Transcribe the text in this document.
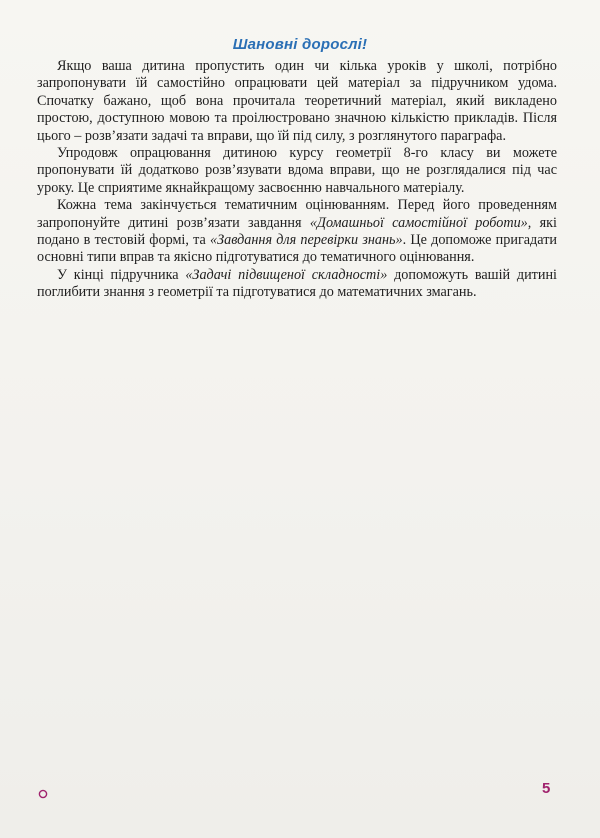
Шановні дорослі!

Якщо ваша дитина пропустить один чи кілька уроків у школі, потрібно запропонувати їй самостійно опрацювати цей матеріал за підручником удома. Спочатку бажано, щоб вона прочитала теоретичний матеріал, який викладено простою, доступною мовою та проілюстровано значною кількістю прикладів. Після цього – розв’язати задачі та вправи, що їй під силу, з розглянутого параграфа.

Упродовж опрацювання дитиною курсу геометрії 8-го класу ви можете пропонувати їй додатково розв’язувати вдома вправи, що не розглядалися під час уроку. Це сприятиме якнайкращому засвоєнню навчального матеріалу.

Кожна тема закінчується тематичним оцінюванням. Перед його проведенням запропонуйте дитині розв’язати завдання «Домашньої самостійної роботи», які подано в тестовій формі, та «Завдання для перевірки знань». Це допоможе пригадати основні типи вправ та якісно підготуватися до тематичного оцінювання.

У кінці підручника «Задачі підвищеної складності» допоможуть вашій дитині поглибити знання з геометрії та підготуватися до математичних змагань.

5
